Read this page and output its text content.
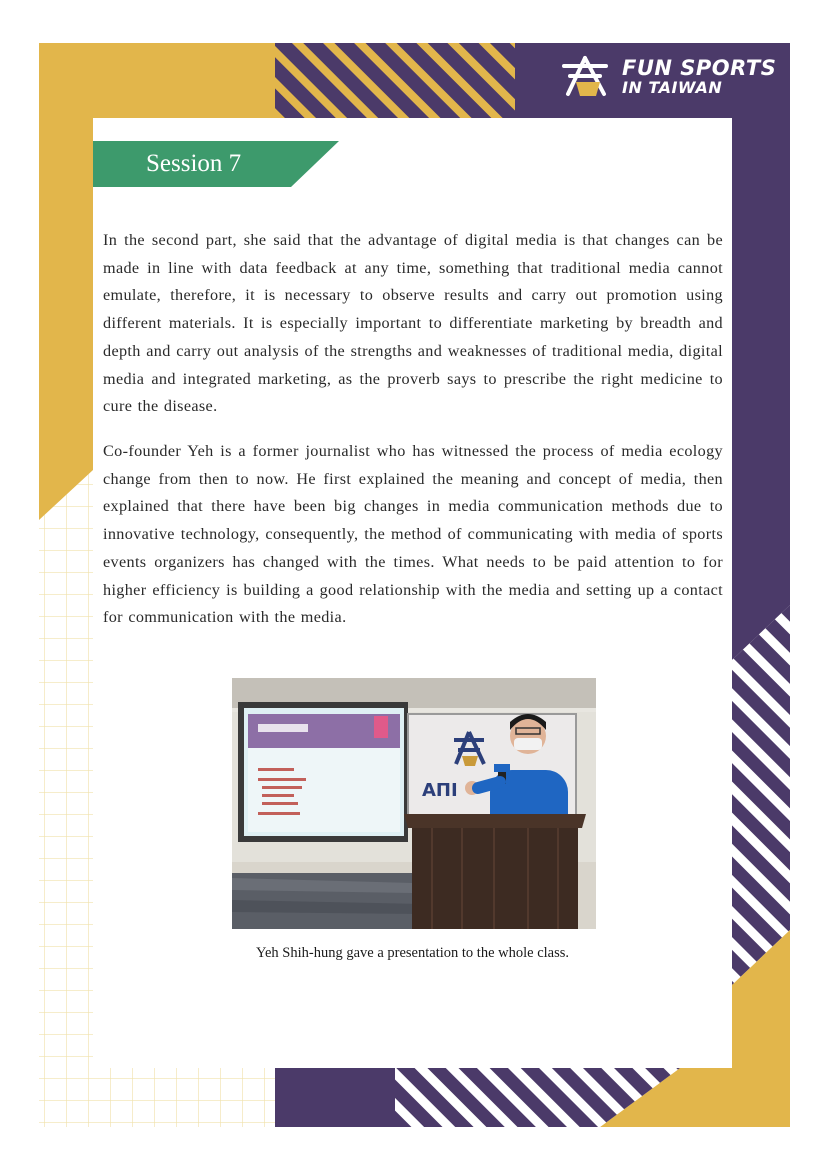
FUN SPORTS
IN TAIWAN
Session 7

In the second part, she said that the advantage of digital media is that changes can be made in line with data feedback at any time, something that traditional media cannot emulate, therefore, it is necessary to observe results and carry out promotion using different materials. It is especially important to differentiate marketing by breadth and depth and carry out analysis of the strengths and weaknesses of traditional media, digital media and integrated marketing, as the proverb says to prescribe the right medicine to cure the disease.

Co-founder Yeh is a former journalist who has witnessed the process of media ecology change from then to now. He first explained the meaning and concept of media, then explained that there have been big changes in media communication methods due to innovative technology, consequently, the method of communicating with media of sports events organizers has changed with the times. What needs to be paid attention to for higher efficiency is building a good relationship with the media and setting up a contact for communication with the media.

ΑΠΙ

Yeh Shih-hung gave a presentation to the whole class.
